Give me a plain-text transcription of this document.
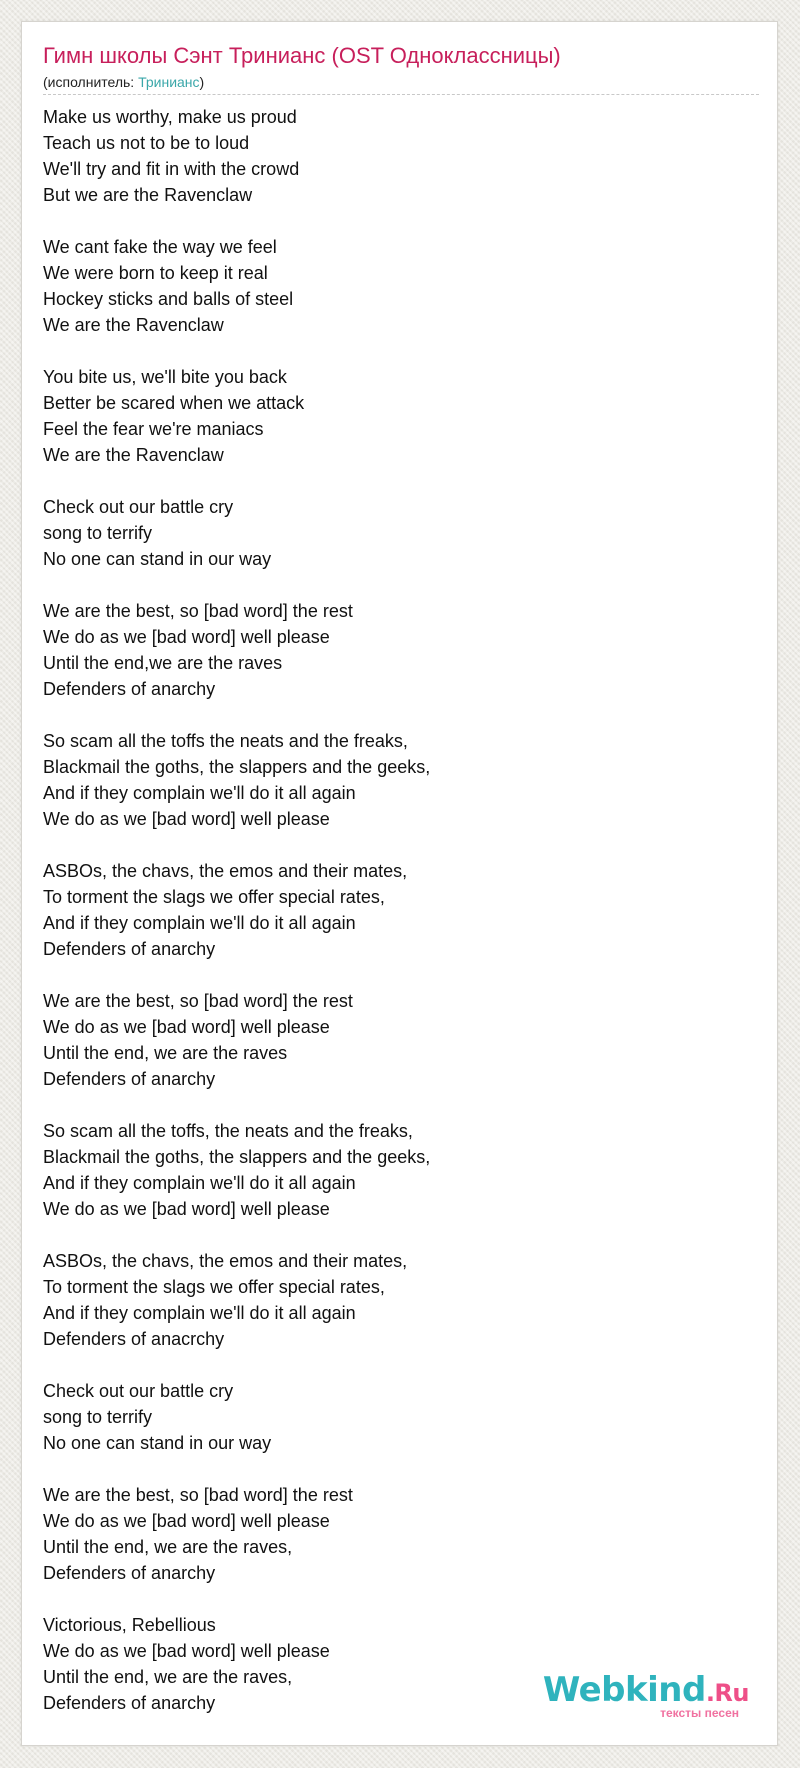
Гимн школы Сэнт Тринианс (OST Одноклассницы)
(исполнитель: Тринианс)
Make us worthy, make us proud
Teach us not to be to loud
We'll try and fit in with the crowd
But we are the Ravenclaw
We cant fake the way we feel
We were born to keep it real
Hockey sticks and balls of steel
We are the Ravenclaw
You bite us, we'll bite you back
Better be scared when we attack
Feel the fear we're maniacs
We are the Ravenclaw
Check out our battle cry
song to terrify
No one can stand in our way
We are the best, so [bad word] the rest
We do as we [bad word] well please
Until the end,we are the raves
Defenders of anarchy
So scam all the toffs the neats and the freaks,
Blackmail the goths, the slappers and the geeks,
And if they complain we'll do it all again
We do as we [bad word] well please
ASBOs, the chavs, the emos and their mates,
To torment the slags we offer special rates,
And if they complain we'll do it all again
Defenders of anarchy
We are the best, so [bad word] the rest
We do as we [bad word] well please
Until the end, we are the raves
Defenders of anarchy
So scam all the toffs, the neats and the freaks,
Blackmail the goths, the slappers and the geeks,
And if they complain we'll do it all again
We do as we [bad word] well please
ASBOs, the chavs, the emos and their mates,
To torment the slags we offer special rates,
And if they complain we'll do it all again
Defenders of anacrchy
Check out our battle cry
song to terrify
No one can stand in our way
We are the best, so [bad word] the rest
We do as we [bad word] well please
Until the end, we are the raves,
Defenders of anarchy
Victorious, Rebellious
We do as we [bad word] well please
Until the end, we are the raves,
Defenders of anarchy	Webkind.Ru
тексты песен
